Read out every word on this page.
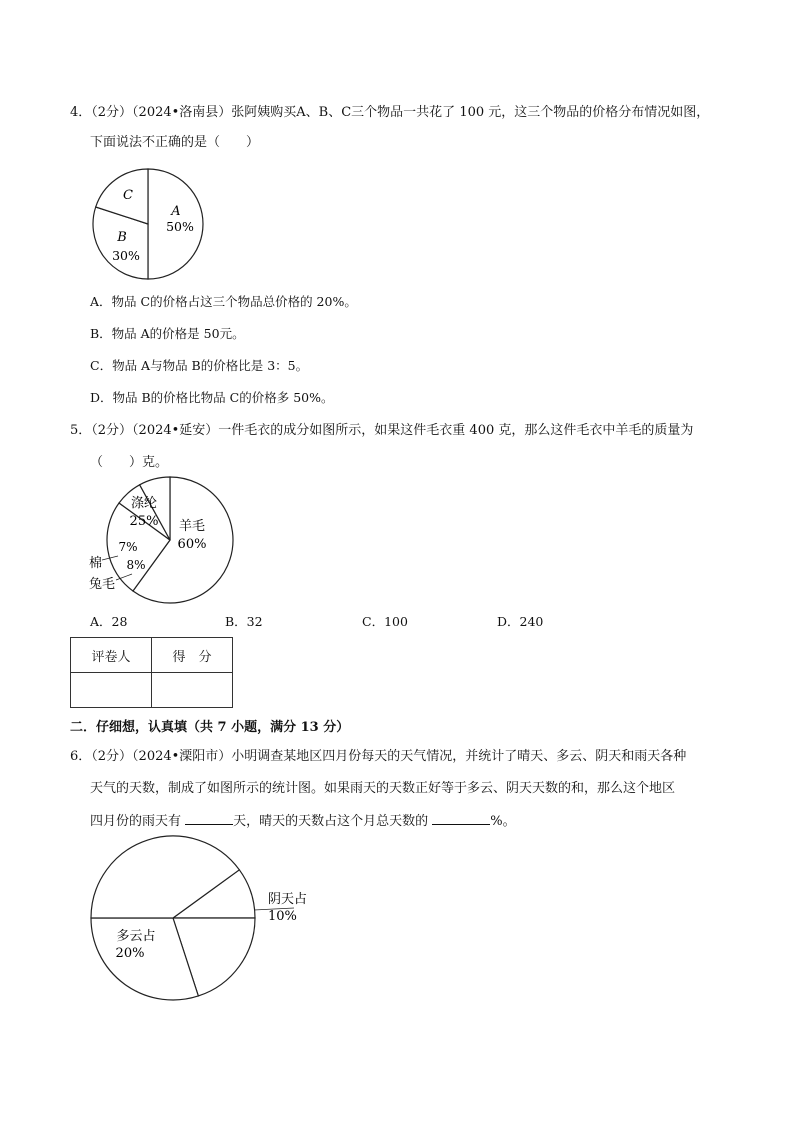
4．（2分）（2024•洛南县）张阿姨购买A、B、C三个物品一共花了 100 元，这三个物品的价格分布情况如图，
下面说法不正确的是（　　）
A
50%
B
30%
C
A．物品 C的价格占这三个物品总价格的 20%。
B．物品 A的价格是 50元。
C．物品 A与物品 B的价格比是 3：5。
D．物品 B的价格比物品 C的价格多 50%。
5．（2分）（2024•延安）一件毛衣的成分如图所示，如果这件毛衣重 400 克，那么这件毛衣中羊毛的质量为
（　　）克。
羊毛
60%
涤纶
25%
7%
8%
棉
兔毛
A．28	B．32	C．100	D．240
评卷人	得　分

二．仔细想，认真填（共 7 小题，满分 13 分）
6．（2分）（2024•溧阳市）小明调查某地区四月份每天的天气情况，并统计了晴天、多云、阴天和雨天各种
天气的天数，制成了如图所示的统计图。如果雨天的天数正好等于多云、阴天天数的和，那么这个地区
四月份的雨天有	天，晴天的天数占这个月总天数的	%。
阴天占
10%
多云占
20%
